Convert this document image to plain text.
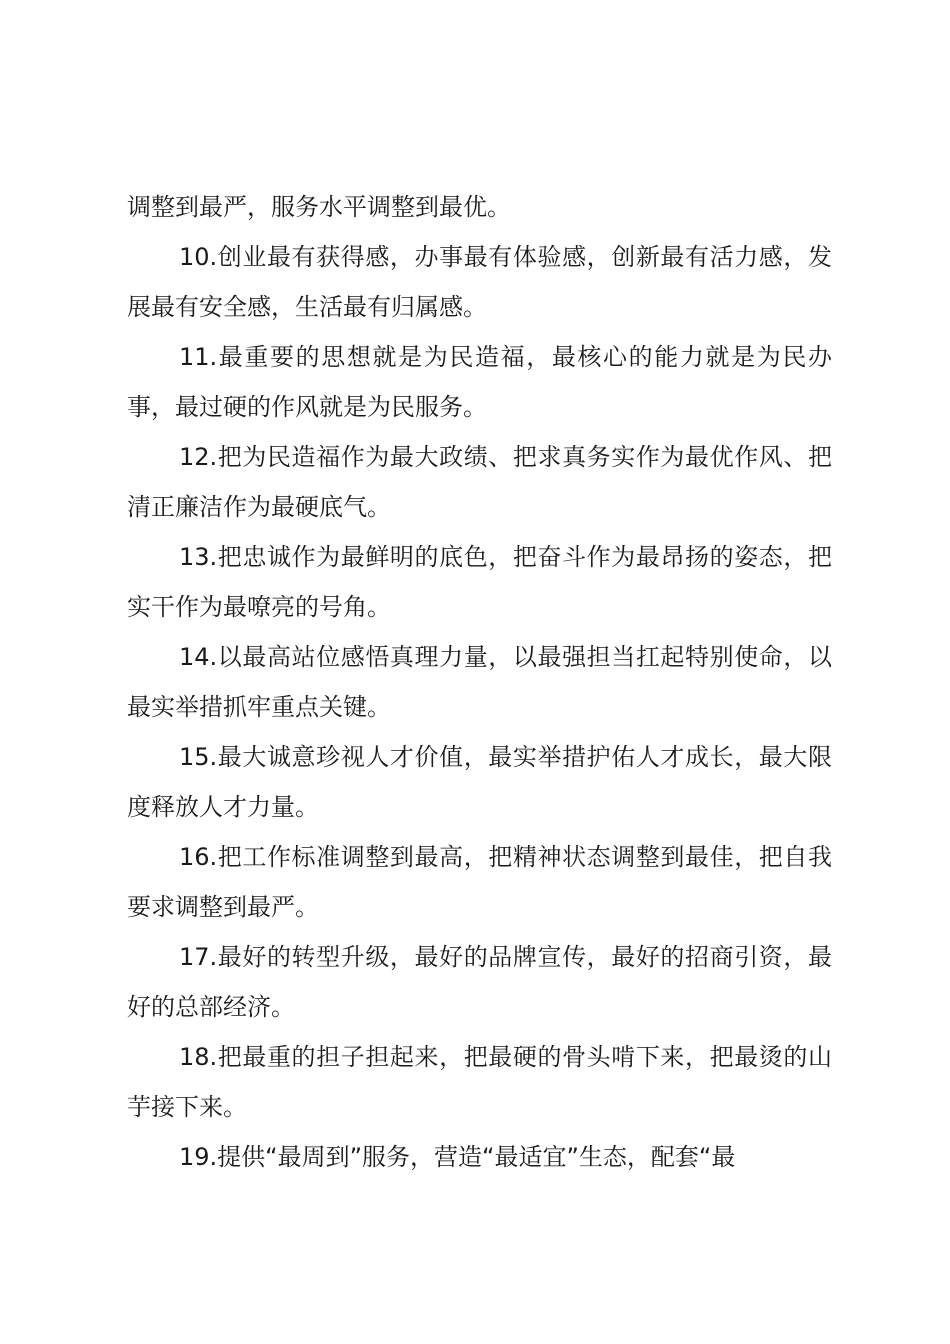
调整到最严，服务水平调整到最优。

10.创业最有获得感，办事最有体验感，创新最有活力感，发展最有安全感，生活最有归属感。

11.最重要的思想就是为民造福，最核心的能力就是为民办事，最过硬的作风就是为民服务。

12.把为民造福作为最大政绩、把求真务实作为最优作风、把清正廉洁作为最硬底气。

13.把忠诚作为最鲜明的底色，把奋斗作为最昂扬的姿态，把实干作为最嘹亮的号角。

14.以最高站位感悟真理力量，以最强担当扛起特别使命，以最实举措抓牢重点关键。

15.最大诚意珍视人才价值，最实举措护佑人才成长，最大限度释放人才力量。

16.把工作标准调整到最高，把精神状态调整到最佳，把自我要求调整到最严。

17.最好的转型升级，最好的品牌宣传，最好的招商引资，最好的总部经济。

18.把最重的担子担起来，把最硬的骨头啃下来，把最烫的山芋接下来。

19.提供“最周到”服务，营造“最适宜”生态，配套“最
